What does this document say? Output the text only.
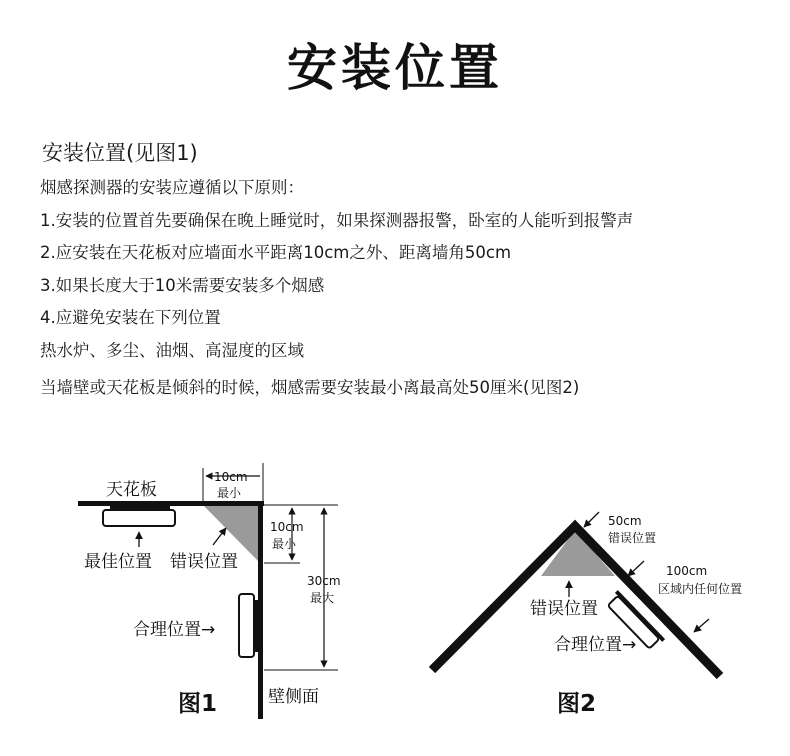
安装位置
安装位置(见图1)
烟感探测器的安装应遵循以下原则：
1.安装的位置首先要确保在晚上睡觉时，如果探测器报警，卧室的人能听到报警声
2.应安装在天花板对应墙面水平距离10cm之外、距离墙角50cm
3.如果长度大于10米需要安装多个烟感
4.应避免安装在下列位置
热水炉、多尘、油烟、高湿度的区域
当墙壁或天花板是倾斜的时候，烟感需要安装最小离最高处50厘米(见图2)
10cm
最小
10cm
最小
30cm
最大
天花板
最佳位置 错误位置
合理位置→
壁侧面
图1
50cm
错误位置
100cm
区域内任何位置
错误位置
合理位置→
图2
